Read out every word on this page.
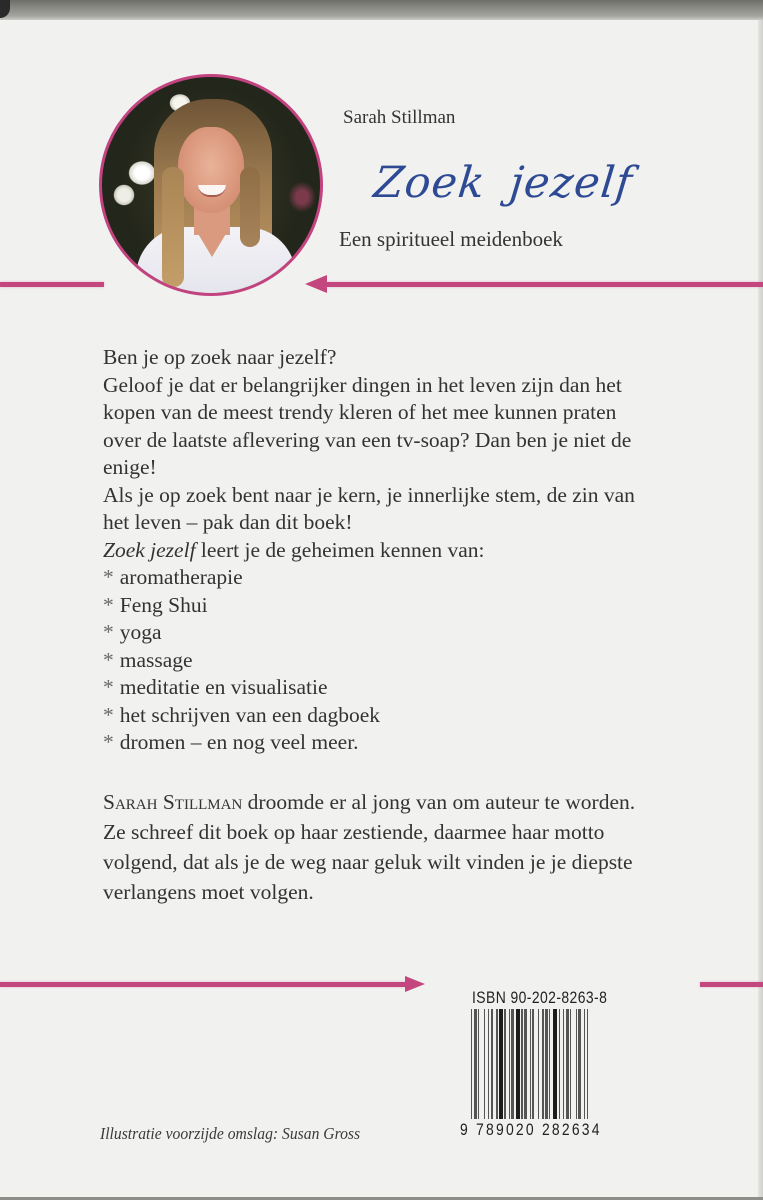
Sarah Stillman
Zoek jezelf
Een spiritueel meidenboek

Ben je op zoek naar jezelf?

Geloof je dat er belangrijker dingen in het leven zijn dan het kopen van de meest trendy kleren of het mee kunnen praten over de laatste aflevering van een tv-soap? Dan ben je niet de enige!

Als je op zoek bent naar je kern, je innerlijke stem, de zin van het leven – pak dan dit boek!

Zoek jezelf leert je de geheimen kennen van:

* aromatherapie
* Feng Shui
* yoga
* massage
* meditatie en visualisatie
* het schrijven van een dagboek
* dromen – en nog veel meer.
Sarah Stillman droomde er al jong van om auteur te worden. Ze schreef dit boek op haar zestiende, daarmee haar motto volgend, dat als je de weg naar geluk wilt vinden je je diepste verlangens moet volgen.
ISBN 90-202-8263-8
9 789020 282634
Illustratie voorzijde omslag: Susan Gross
